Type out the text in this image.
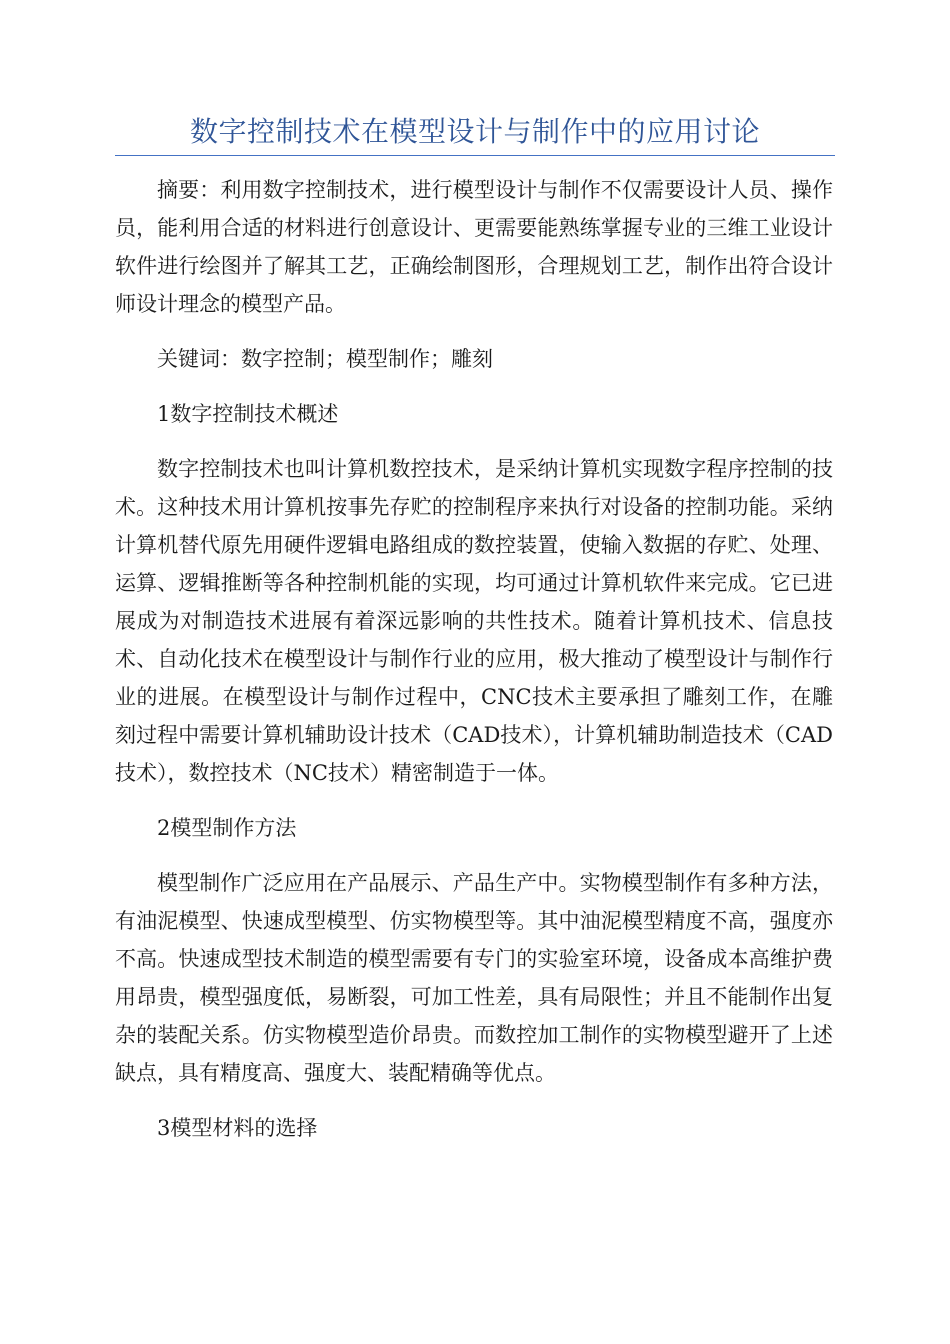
数字控制技术在模型设计与制作中的应用讨论

摘要：利用数字控制技术，进行模型设计与制作不仅需要设计人员、操作员，能利用合适的材料进行创意设计、更需要能熟练掌握专业的三维工业设计软件进行绘图并了解其工艺，正确绘制图形，合理规划工艺，制作出符合设计师设计理念的模型产品。

关键词：数字控制；模型制作；雕刻

1数字控制技术概述

数字控制技术也叫计算机数控技术，是采纳计算机实现数字程序控制的技术。这种技术用计算机按事先存贮的控制程序来执行对设备的控制功能。采纳计算机替代原先用硬件逻辑电路组成的数控装置，使输入数据的存贮、处理、运算、逻辑推断等各种控制机能的实现，均可通过计算机软件来完成。它已进展成为对制造技术进展有着深远影响的共性技术。随着计算机技术、信息技术、自动化技术在模型设计与制作行业的应用，极大推动了模型设计与制作行业的进展。在模型设计与制作过程中，CNC技术主要承担了雕刻工作，在雕刻过程中需要计算机辅助设计技术（CAD技术），计算机辅助制造技术（CAD技术），数控技术（NC技术）精密制造于一体。

2模型制作方法

模型制作广泛应用在产品展示、产品生产中。实物模型制作有多种方法，有油泥模型、快速成型模型、仿实物模型等。其中油泥模型精度不高，强度亦不高。快速成型技术制造的模型需要有专门的实验室环境，设备成本高维护费用昂贵，模型强度低，易断裂，可加工性差，具有局限性；并且不能制作出复杂的装配关系。仿实物模型造价昂贵。而数控加工制作的实物模型避开了上述缺点，具有精度高、强度大、装配精确等优点。

3模型材料的选择
